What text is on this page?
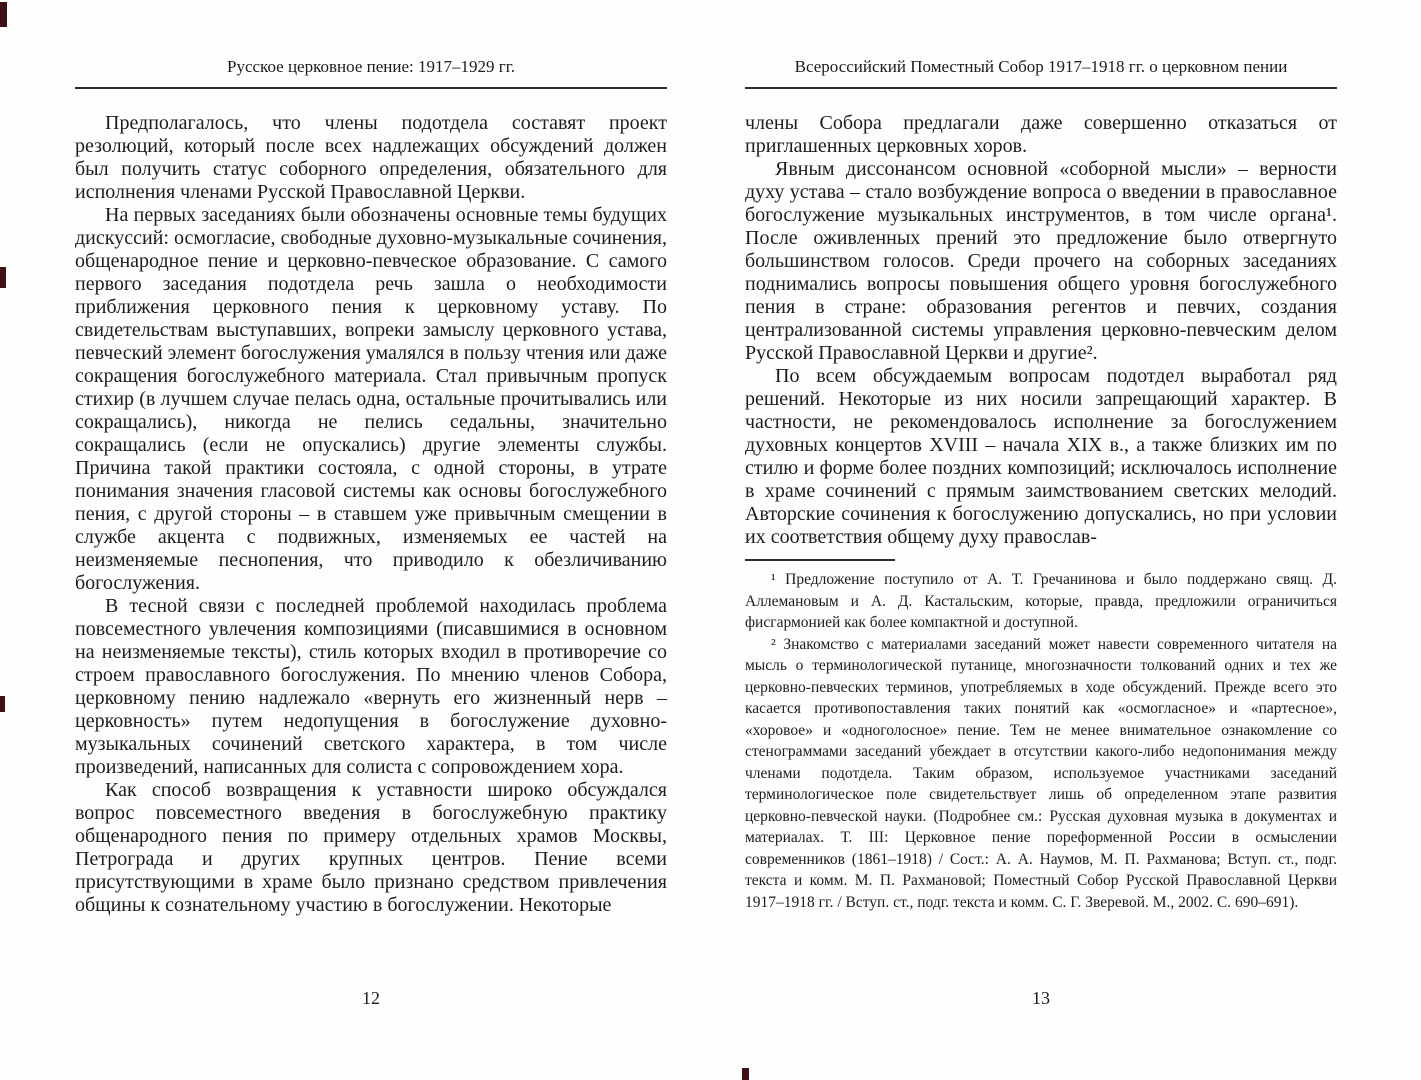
Русское церковное пение: 1917–1929 гг.

Предполагалось, что члены подотдела составят проект резолюций, который после всех надлежащих обсуждений должен был получить статус соборного определения, обязательного для исполнения членами Русской Православной Церкви.

На первых заседаниях были обозначены основные темы будущих дискуссий: осмогласие, свободные духовно-музыкальные сочинения, общенародное пение и церковно-певческое образование. С самого первого заседания подотдела речь зашла о необходимости приближения церковного пения к церковному уставу. По свидетельствам выступавших, вопреки замыслу церковного устава, певческий элемент богослужения умалялся в пользу чтения или даже сокращения богослужебного материала. Стал привычным пропуск стихир (в лучшем случае пелась одна, остальные прочитывались или сокращались), никогда не пелись седальны, значительно сокращались (если не опускались) другие элементы службы. Причина такой практики состояла, с одной стороны, в утрате понимания значения гласовой системы как основы богослужебного пения, с другой стороны – в ставшем уже привычным смещении в службе акцента с подвижных, изменяемых ее частей на неизменяемые песнопения, что приводило к обезличиванию богослужения.

В тесной связи с последней проблемой находилась проблема повсеместного увлечения композициями (писавшимися в основном на неизменяемые тексты), стиль которых входил в противоречие со строем православного богослужения. По мнению членов Собора, церковному пению надлежало «вернуть его жизненный нерв – церковность» путем недопущения в богослужение духовно-музыкальных сочинений светского характера, в том числе произведений, написанных для солиста с сопровождением хора.

Как способ возвращения к уставности широко обсуждался вопрос повсеместного введения в богослужебную практику общенародного пения по примеру отдельных храмов Москвы, Петрограда и других крупных центров. Пение всеми присутствующими в храме было признано средством привлечения общины к сознательному участию в богослужении. Некоторые

12
Всероссийский Поместный Собор 1917–1918 гг. о церковном пении

члены Собора предлагали даже совершенно отказаться от приглашенных церковных хоров.

Явным диссонансом основной «соборной мысли» – верности духу устава – стало возбуждение вопроса о введении в православное богослужение музыкальных инструментов, в том числе органа¹. После оживленных прений это предложение было отвергнуто большинством голосов. Среди прочего на соборных заседаниях поднимались вопросы повышения общего уровня богослужебного пения в стране: образования регентов и певчих, создания централизованной системы управления церковно-певческим делом Русской Православной Церкви и другие².

По всем обсуждаемым вопросам подотдел выработал ряд решений. Некоторые из них носили запрещающий характер. В частности, не рекомендовалось исполнение за богослужением духовных концертов XVIII – начала XIX в., а также близких им по стилю и форме более поздних композиций; исключалось исполнение в храме сочинений с прямым заимствованием светских мелодий. Авторские сочинения к богослужению допускались, но при условии их соответствия общему духу православ-

¹ Предложение поступило от А. Т. Гречанинова и было поддержано свящ. Д. Аллемановым и А. Д. Кастальским, которые, правда, предложили ограничиться фисгармонией как более компактной и доступной.

² Знакомство с материалами заседаний может навести современного читателя на мысль о терминологической путанице, многозначности толкований одних и тех же церковно-певческих терминов, употребляемых в ходе обсуждений. Прежде всего это касается противопоставления таких понятий как «осмогласное» и «партесное», «хоровое» и «одноголосное» пение. Тем не менее внимательное ознакомление со стенограммами заседаний убеждает в отсутствии какого-либо недопонимания между членами подотдела. Таким образом, используемое участниками заседаний терминологическое поле свидетельствует лишь об определенном этапе развития церковно-певческой науки. (Подробнее см.: Русская духовная музыка в документах и материалах. Т. III: Церковное пение пореформенной России в осмыслении современников (1861–1918) / Сост.: А. А. Наумов, М. П. Рахманова; Вступ. ст., подг. текста и комм. М. П. Рахмановой; Поместный Собор Русской Православной Церкви 1917–1918 гг. / Вступ. ст., подг. текста и комм. С. Г. Зверевой. М., 2002. С. 690–691).

13
